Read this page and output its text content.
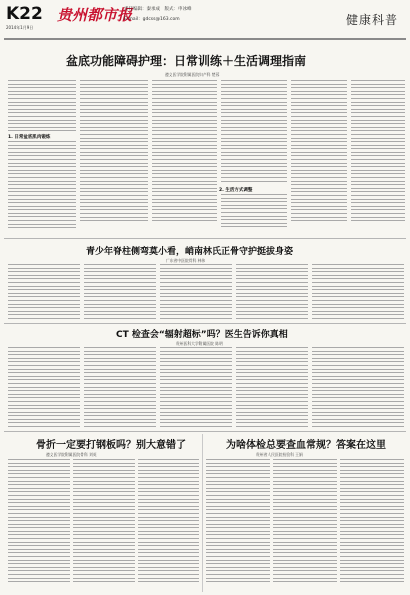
K22
2014年1月9日
贵州都市报
责任编辑：秦承成　版式：申冰峰
E-mail：gdcss@163.com	健康科普
盆底功能障碍护理：日常训练＋生活调理指南
遵义医学院附属医院妇产科 楚蓉
1. 日常盆底肌肉锻炼
2. 生活方式调整
青少年脊柱侧弯莫小看，峭南林氏正骨守护挺拔身姿
广东省中医院骨科 林伟
CT 检查会“辐射超标”吗？医生告诉你真相
贵州医科大学附属医院 陈明
骨折一定要打钢板吗？别大意错了
遵义医学院附属医院骨科 刘英
为啥体检总要查血常规？答案在这里
贵州省人民医院检验科 王娟
